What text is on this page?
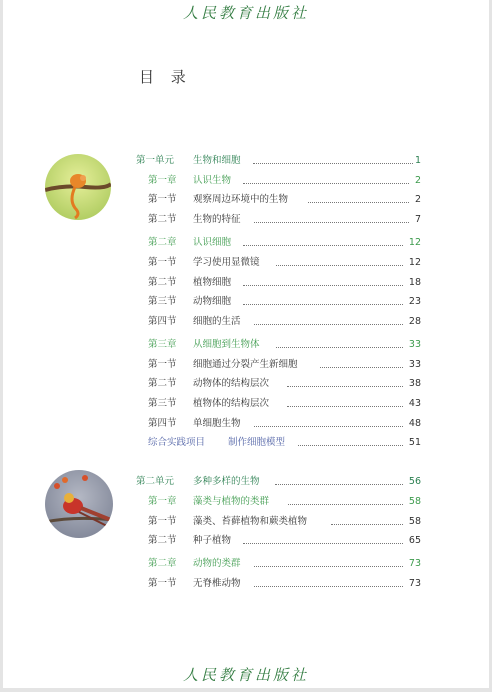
人民教育出版社
目 录
第一单元 生物和细胞	1
第一章 认识生物	2
第一节 观察周边环境中的生物	2
第二节 生物的特征	7
第二章 认识细胞	12
第一节 学习使用显微镜	12
第二节 植物细胞	18
第三节 动物细胞	23
第四节 细胞的生活	28
第三章 从细胞到生物体	33
第一节 细胞通过分裂产生新细胞	33
第二节 动物体的结构层次	38
第三节 植物体的结构层次	43
第四节 单细胞生物	48
综合实践项目 制作细胞模型	51
第二单元 多种多样的生物	56
第一章 藻类与植物的类群	58
第一节 藻类、苔藓植物和蕨类植物	58
第二节 种子植物	65
第二章 动物的类群	73
第一节 无脊椎动物	73
人民教育出版社
